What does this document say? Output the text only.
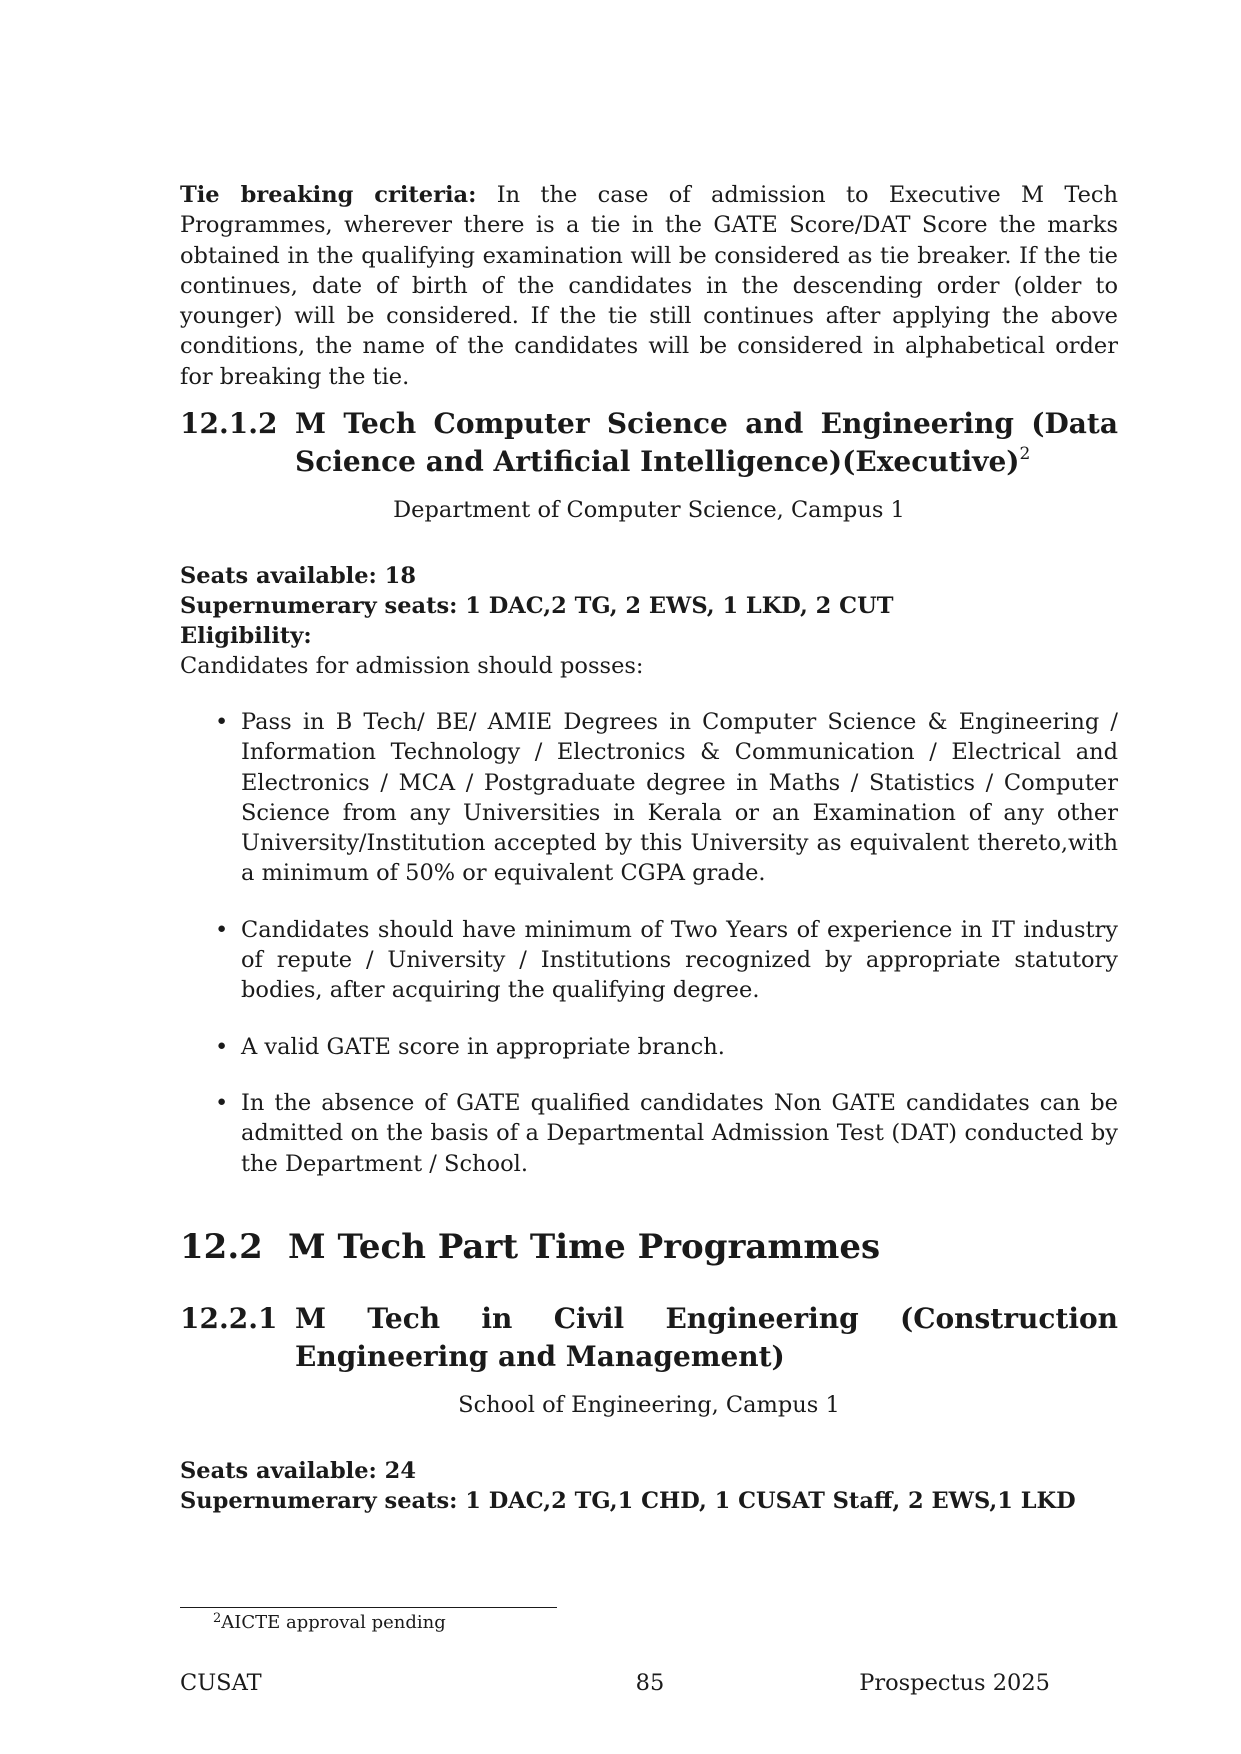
Tie breaking criteria: In the case of admission to Executive M Tech Programmes, wherever there is a tie in the GATE Score/DAT Score the marks obtained in the qualifying examination will be considered as tie breaker. If the tie continues, date of birth of the candidates in the descending order (older to younger) will be considered. If the tie still continues after applying the above conditions, the name of the candidates will be considered in alphabetical order for breaking the tie.
12.1.2 M Tech Computer Science and Engineering (Data Science and Artificial Intelligence)(Executive)$^2$
Department of Computer Science, Campus 1
Seats available: 18
Supernumerary seats: 1 DAC,2 TG, 2 EWS, 1 LKD, 2 CUT
Eligibility:
Candidates for admission should posses:
• Pass in B Tech/ BE/ AMIE Degrees in Computer Science & Engineering / Information Technology / Electronics & Communication / Electrical and Electronics / MCA / Postgraduate degree in Maths / Statistics / Computer Science from any Universities in Kerala or an Examination of any other University/Institution accepted by this University as equivalent thereto,with a minimum of 50% or equivalent CGPA grade.
• Candidates should have minimum of Two Years of experience in IT industry of repute / University / Institutions recognized by appropriate statutory bodies, after acquiring the qualifying degree.
• A valid GATE score in appropriate branch.
• In the absence of GATE qualified candidates Non GATE candidates can be admitted on the basis of a Departmental Admission Test (DAT) conducted by the Department / School.
12.2 M Tech Part Time Programmes
12.2.1 M Tech in Civil Engineering (Construction Engineering and Management)
School of Engineering, Campus 1
Seats available: 24
Supernumerary seats: 1 DAC,2 TG,1 CHD, 1 CUSAT Staff, 2 EWS,1 LKD
$^2$AICTE approval pending
CUSAT	85	Prospectus 2025
